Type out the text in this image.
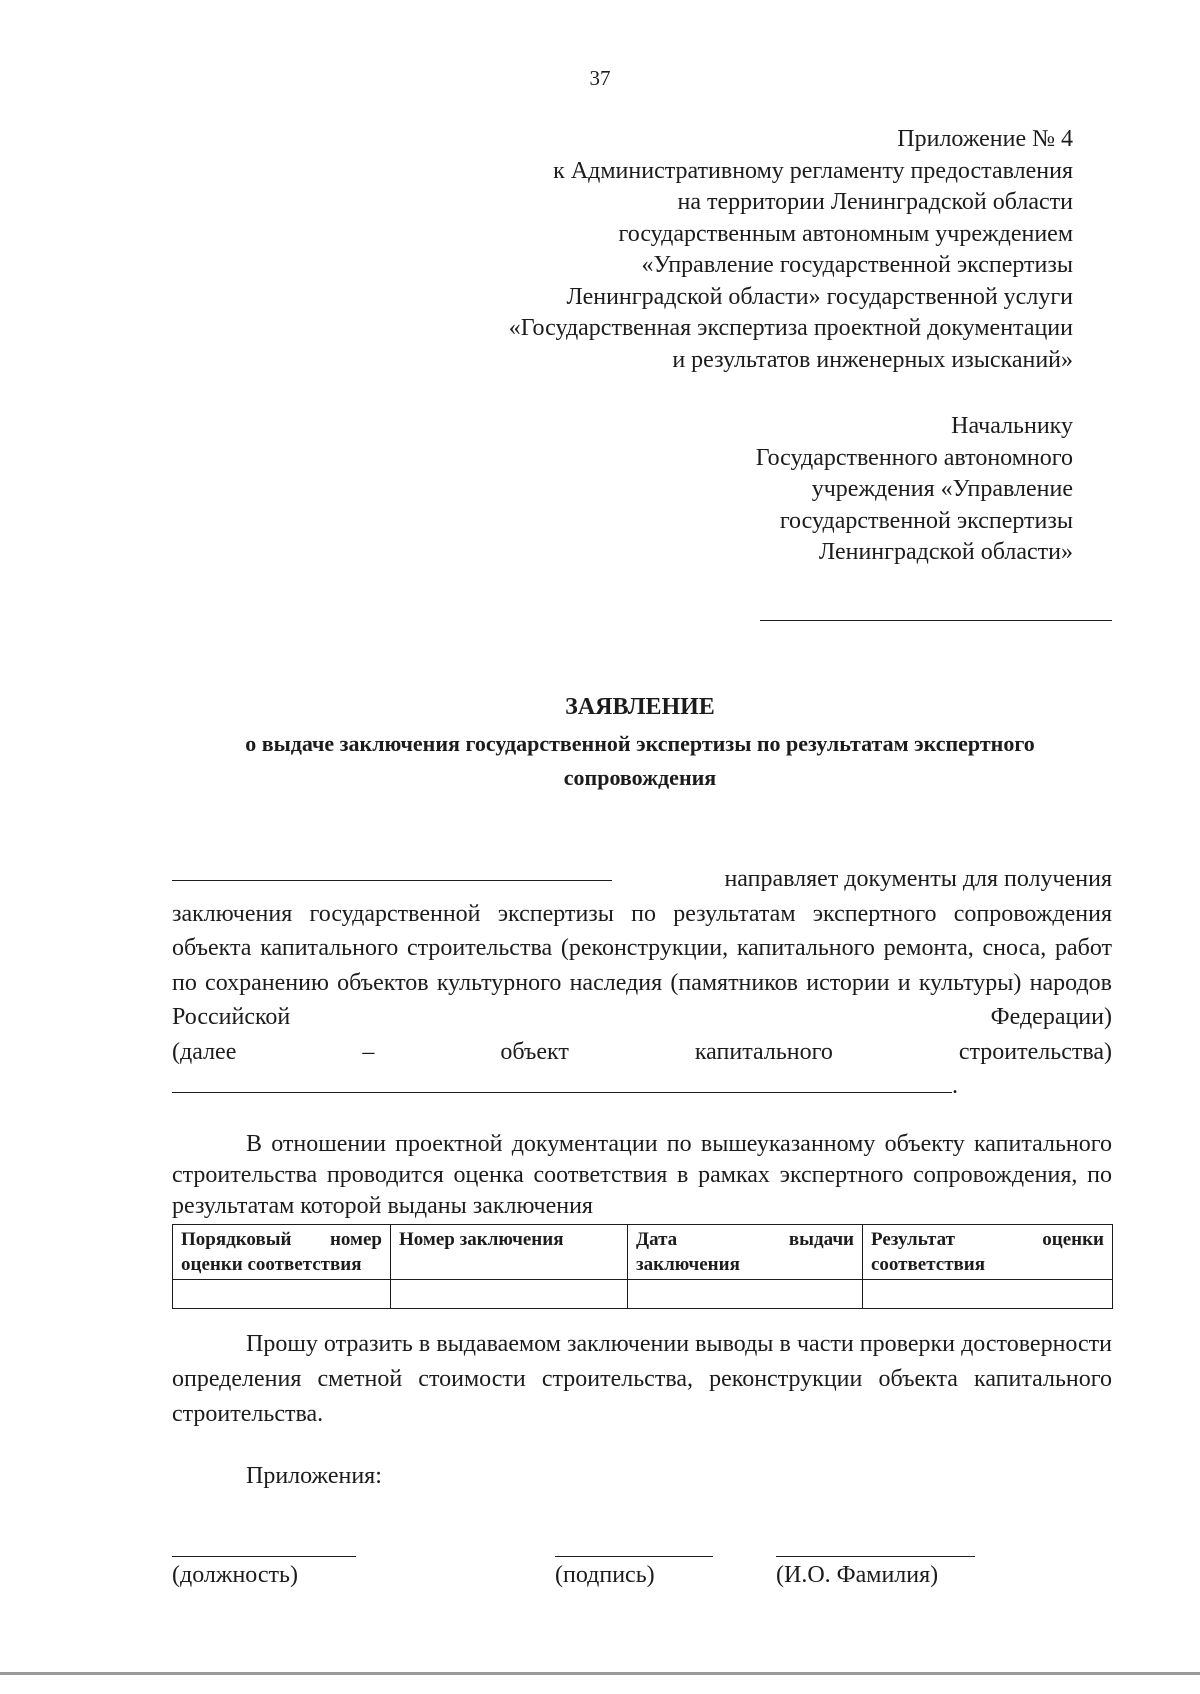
37
Приложение № 4
к Административному регламенту предоставления
на территории Ленинградской области
государственным автономным учреждением
«Управление государственной экспертизы
Ленинградской области» государственной услуги
«Государственная экспертиза проектной документации
и результатов инженерных изысканий»
Начальнику
Государственного автономного
учреждения «Управление
государственной экспертизы
Ленинградской области»
ЗАЯВЛЕНИЕ
о выдаче заключения государственной экспертизы по результатам экспертного сопровождения
направляет документы для получения
заключения государственной экспертизы по результатам экспертного сопровождения объекта капитального строительства (реконструкции, капитального ремонта, сноса, работ по сохранению объектов культурного наследия (памятников истории и культуры) народов Российской Федерации)
(далее	–	объект	капитального	строительства)
.
В отношении проектной документации по вышеуказанному объекту капитального строительства проводится оценка соответствия в рамках экспертного сопровождения, по результатам которой выданы заключения
Порядковый номер оценки соответствия	Номер заключения	Дата выдачи заключения	Результат оценки соответствия

Прошу отразить в выдаваемом заключении выводы в части проверки достоверности определения сметной стоимости строительства, реконструкции объекта капитального строительства.
Приложения:
(должность)	(подпись)	(И.О. Фамилия)
